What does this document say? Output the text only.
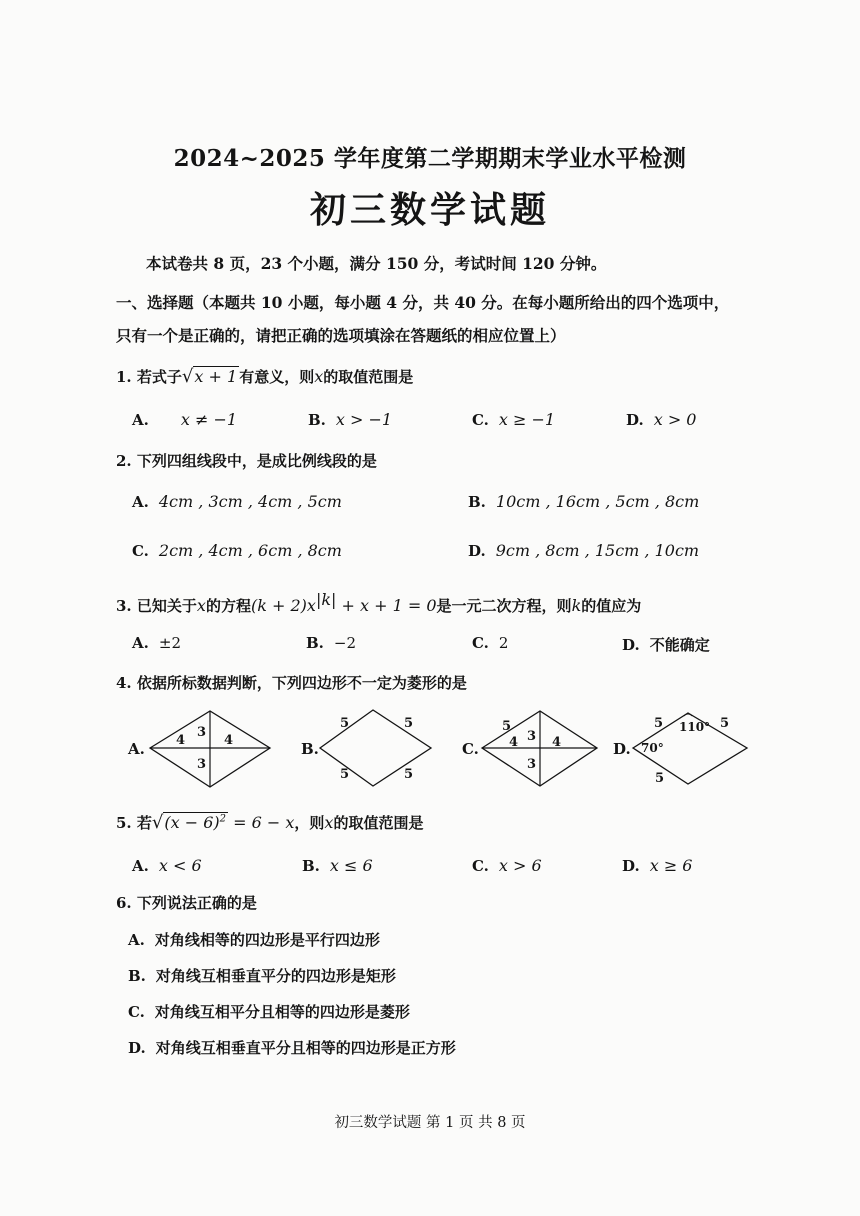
2024~2025 学年度第二学期期末学业水平检测
初三数学试题
本试卷共 8 页，23 个小题，满分 150 分，考试时间 120 分钟。
一、选择题（本题共 10 小题，每小题 4 分，共 40 分。在每小题所给出的四个选项中，
只有一个是正确的，请把正确的选项填涂在答题纸的相应位置上）
1. 若式子√x + 1 有意义，则x的取值范围是
A. x ≠ −1	B. x > −1	C. x ≥ −1	D. x > 0
2. 下列四组线段中，是成比例线段的是
A. 4cm , 3cm , 4cm , 5cm	B. 10cm , 16cm , 5cm , 8cm
C. 2cm , 4cm , 6cm , 8cm	D. 9cm , 8cm , 15cm , 10cm
3. 已知关于x的方程$(k + 2)x^{|k|} + x + 1 = 0$是一元二次方程，则k的值应为
A. ±2	B. −2	C. 2	D. 不能确定
4. 依据所标数据判断，下列四边形不一定为菱形的是
A. 4	4
3
3
B.
5	5
5	5
C.
5
4	4
3
3
D.
5 110° 5
70°
5
5. 若$√(x - 6)^2 = 6 - x$，则x的取值范围是
A. x < 6	B. x ≤ 6	C. x > 6	D. x ≥ 6
6. 下列说法正确的是
A. 对角线相等的四边形是平行四边形
B. 对角线互相垂直平分的四边形是矩形
C. 对角线互相平分且相等的四边形是菱形
D. 对角线互相垂直平分且相等的四边形是正方形
初三数学试题 第 1 页 共 8 页
